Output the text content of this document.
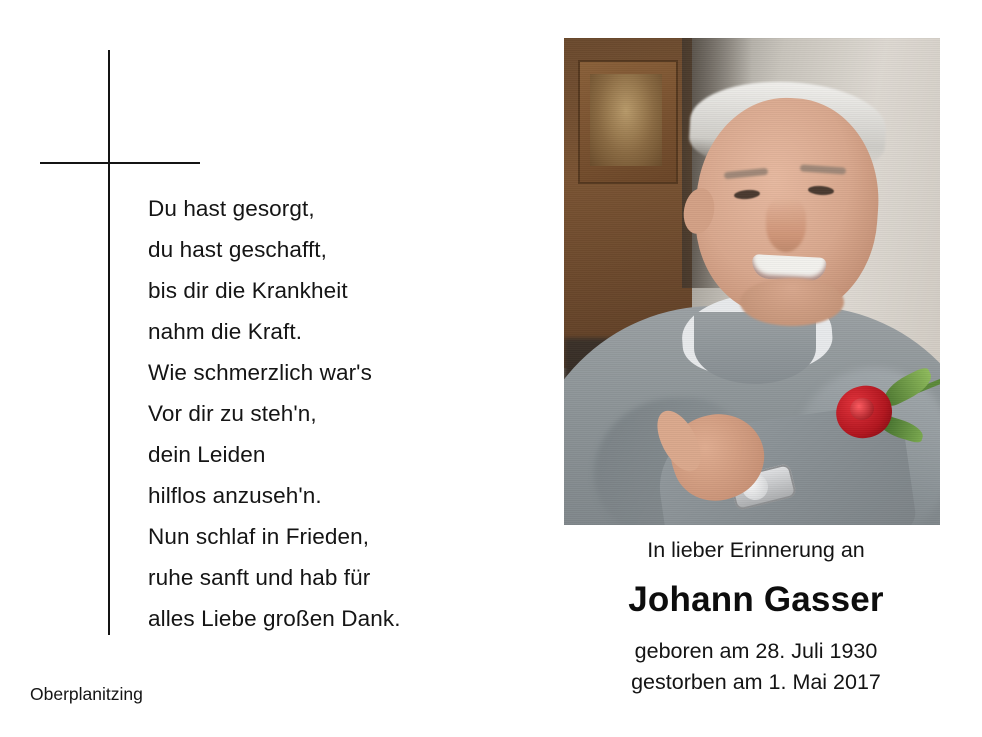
Du hast gesorgt,
du hast geschafft,
bis dir die Krankheit
nahm die Kraft.
Wie schmerzlich war's
Vor dir zu steh'n,
dein Leiden
hilflos anzuseh'n.
Nun schlaf in Frieden,
ruhe sanft und hab für
alles Liebe großen Dank.
Oberplanitzing
In lieber Erinnerung an
Johann Gasser
geboren am 28. Juli 1930
gestorben am 1. Mai 2017
